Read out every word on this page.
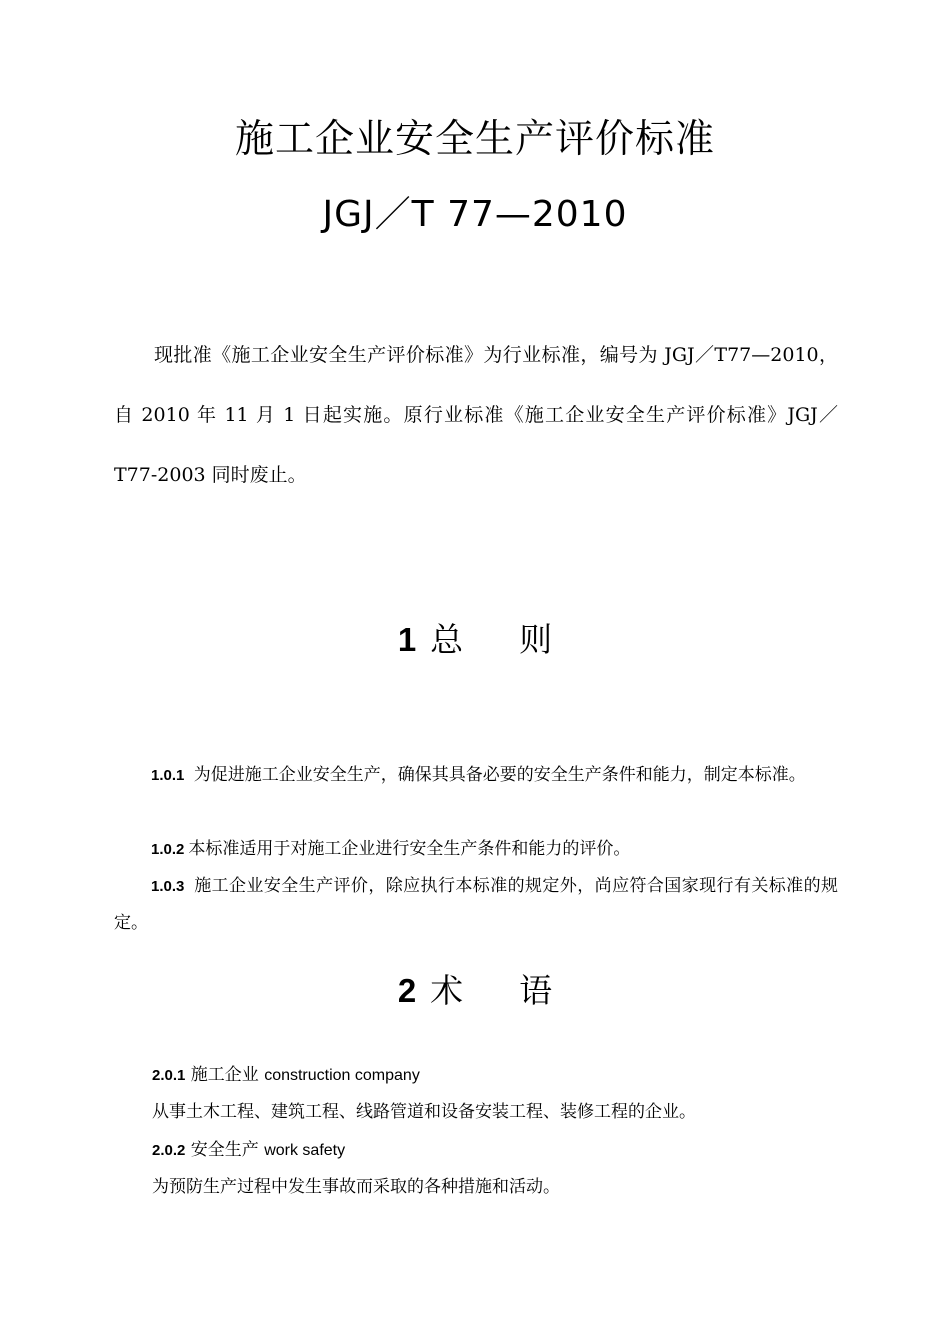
施工企业安全生产评价标准
JGJ／T 77—2010

现批准《施工企业安全生产评价标准》为行业标准，编号为 JGJ／T77—2010，自 2010 年 11 月 1 日起实施。原行业标准《施工企业安全生产评价标准》JGJ／T77-2003 同时废止。

1 总 则

1.0.1 为促进施工企业安全生产，确保其具备必要的安全生产条件和能力，制定本标准。

1.0.2 本标准适用于对施工企业进行安全生产条件和能力的评价。

1.0.3 施工企业安全生产评价，除应执行本标准的规定外，尚应符合国家现行有关标准的规定。

2 术 语
2.0.1 施工企业 construction company
从事土木工程、建筑工程、线路管道和设备安装工程、装修工程的企业。
2.0.2 安全生产 work safety
为预防生产过程中发生事故而采取的各种措施和活动。
